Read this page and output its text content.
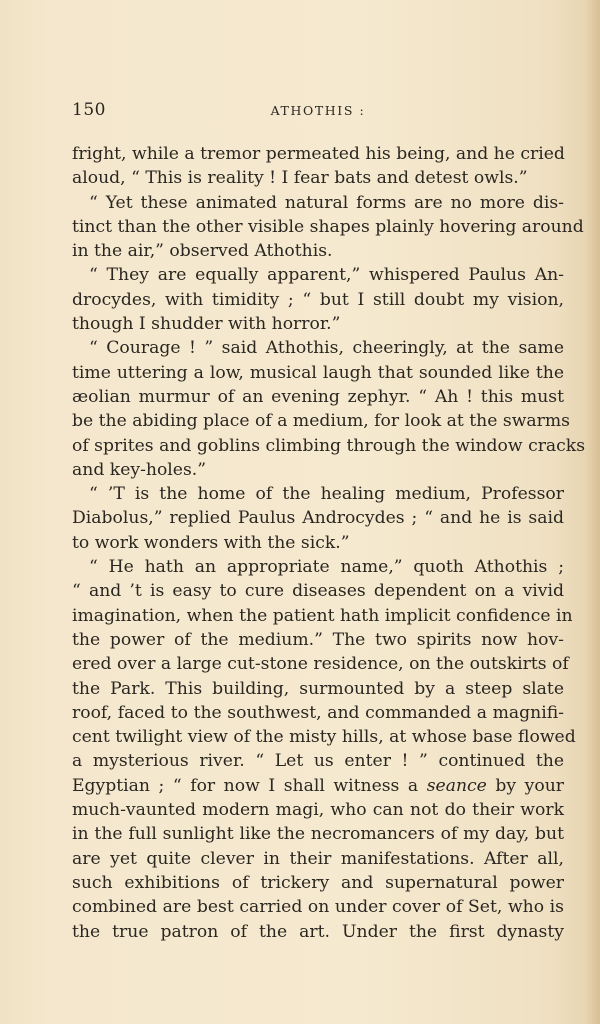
150	ATHOTHIS :
fright, while a tremor permeated his being, and he cried
aloud, “ This is reality ! I fear bats and detest owls.”
“ Yet these animated natural forms are no more dis-
tinct than the other visible shapes plainly hovering around
in the air,” observed Athothis.
“ They are equally apparent,” whispered Paulus An-
drocydes, with timidity ; “ but I still doubt my vision,
though I shudder with horror.”
“ Courage ! ” said Athothis, cheeringly, at the same
time uttering a low, musical laugh that sounded like the
æolian murmur of an evening zephyr. “ Ah ! this must
be the abiding place of a medium, for look at the swarms
of sprites and goblins climbing through the window cracks
and key-holes.”
“ ’T is the home of the healing medium, Professor
Diabolus,” replied Paulus Androcydes ; “ and he is said
to work wonders with the sick.”
“ He hath an appropriate name,” quoth Athothis ;
“ and ’t is easy to cure diseases dependent on a vivid
imagination, when the patient hath implicit confidence in
the power of the medium.” The two spirits now hov-
ered over a large cut-stone residence, on the outskirts of
the Park. This building, surmounted by a steep slate
roof, faced to the southwest, and commanded a magnifi-
cent twilight view of the misty hills, at whose base flowed
a mysterious river. “ Let us enter ! ” continued the
Egyptian ; “ for now I shall witness a seance by your
much-vaunted modern magi, who can not do their work
in the full sunlight like the necromancers of my day, but
are yet quite clever in their manifestations. After all,
such exhibitions of trickery and supernatural power
combined are best carried on under cover of Set, who is
the true patron of the art. Under the first dynasty
